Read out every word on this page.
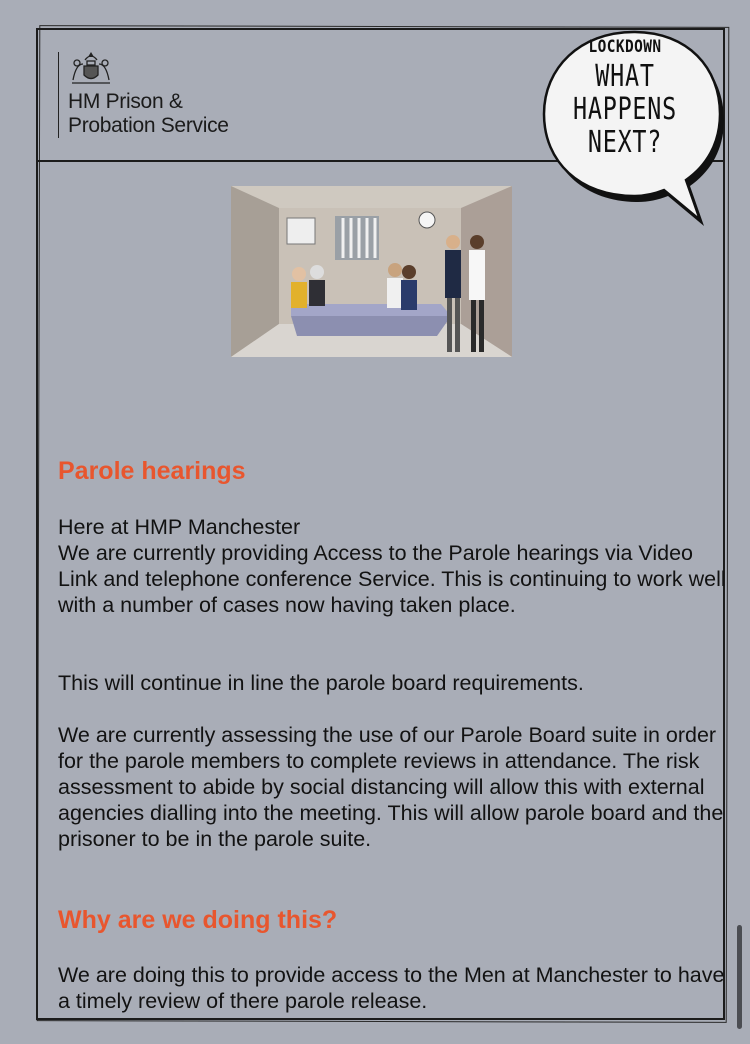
HM Prison &
Probation Service
LOCKDOWN
WHAT
HAPPENS
NEXT?
Parole hearings

Here at HMP Manchester
We are currently providing Access to the Parole hearings via Video Link and telephone conference Service. This is continuing to work well with a number of cases now having taken place.

This will continue in line the parole board requirements.

We are currently assessing the use of our Parole Board suite in order for the parole members to complete reviews in attendance. The risk assessment to abide by social distancing will allow this with external agencies dialling into the meeting. This will allow parole board and the prisoner to be in the parole suite.

Why are we doing this?

We are doing this to provide access to the Men at Manchester to have a timely review of there parole release.
